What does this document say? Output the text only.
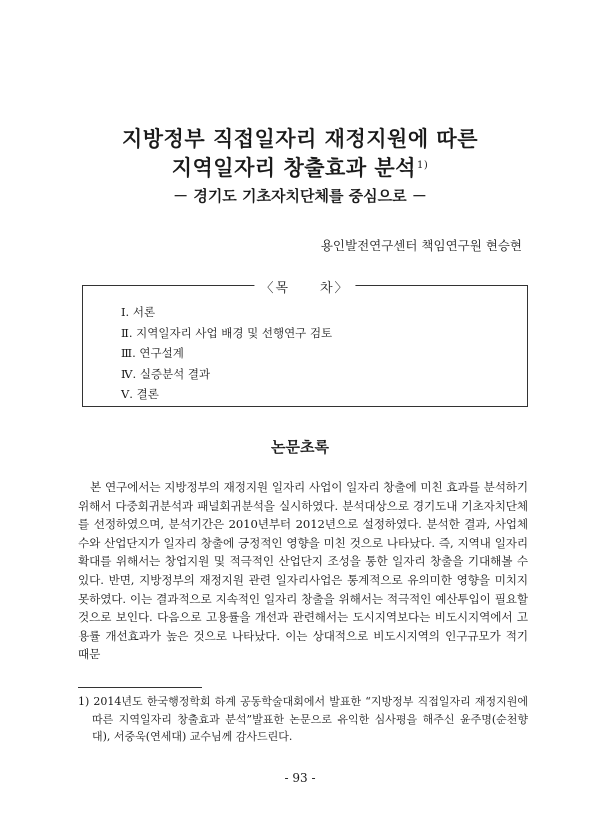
지방정부 직접일자리 재정지원에 따른
지역일자리 창출효과 분석$^{1)}$
－ 경기도 기초자치단체를 중심으로 －
용인발전연구센터 책임연구원 현승현
〈목　　차〉
Ⅰ. 서론
Ⅱ. 지역일자리 사업 배경 및 선행연구 검토
Ⅲ. 연구설계
Ⅳ. 실증분석 결과
Ⅴ. 결론
논문초록

본 연구에서는 지방정부의 재정지원 일자리 사업이 일자리 창출에 미친 효과를 분석하기 위해서 다중회귀분석과 패널회귀분석을 실시하였다. 분석대상으로 경기도내 기초자치단체를 선정하였으며, 분석기간은 2010년부터 2012년으로 설정하였다. 분석한 결과, 사업체수와 산업단지가 일자리 창출에 긍정적인 영향을 미친 것으로 나타났다. 즉, 지역내 일자리 확대를 위해서는 창업지원 및 적극적인 산업단지 조성을 통한 일자리 창출을 기대해볼 수 있다. 반면, 지방정부의 재정지원 관련 일자리사업은 통계적으로 유의미한 영향을 미치지 못하였다. 이는 결과적으로 지속적인 일자리 창출을 위해서는 적극적인 예산투입이 필요할 것으로 보인다. 다음으로 고용률을 개선과 관련해서는 도시지역보다는 비도시지역에서 고용률 개선효과가 높은 것으로 나타났다. 이는 상대적으로 비도시지역의 인구규모가 적기 때문

1) 2014년도 한국행정학회 하계 공동학술대회에서 발표한 “지방정부 직접일자리 재정지원에 따른 지역일자리 창출효과 분석”발표한 논문으로 유익한 심사평을 해주신 윤주명(순천향대), 서중욱(연세대) 교수님께 감사드린다.

- 93 -
